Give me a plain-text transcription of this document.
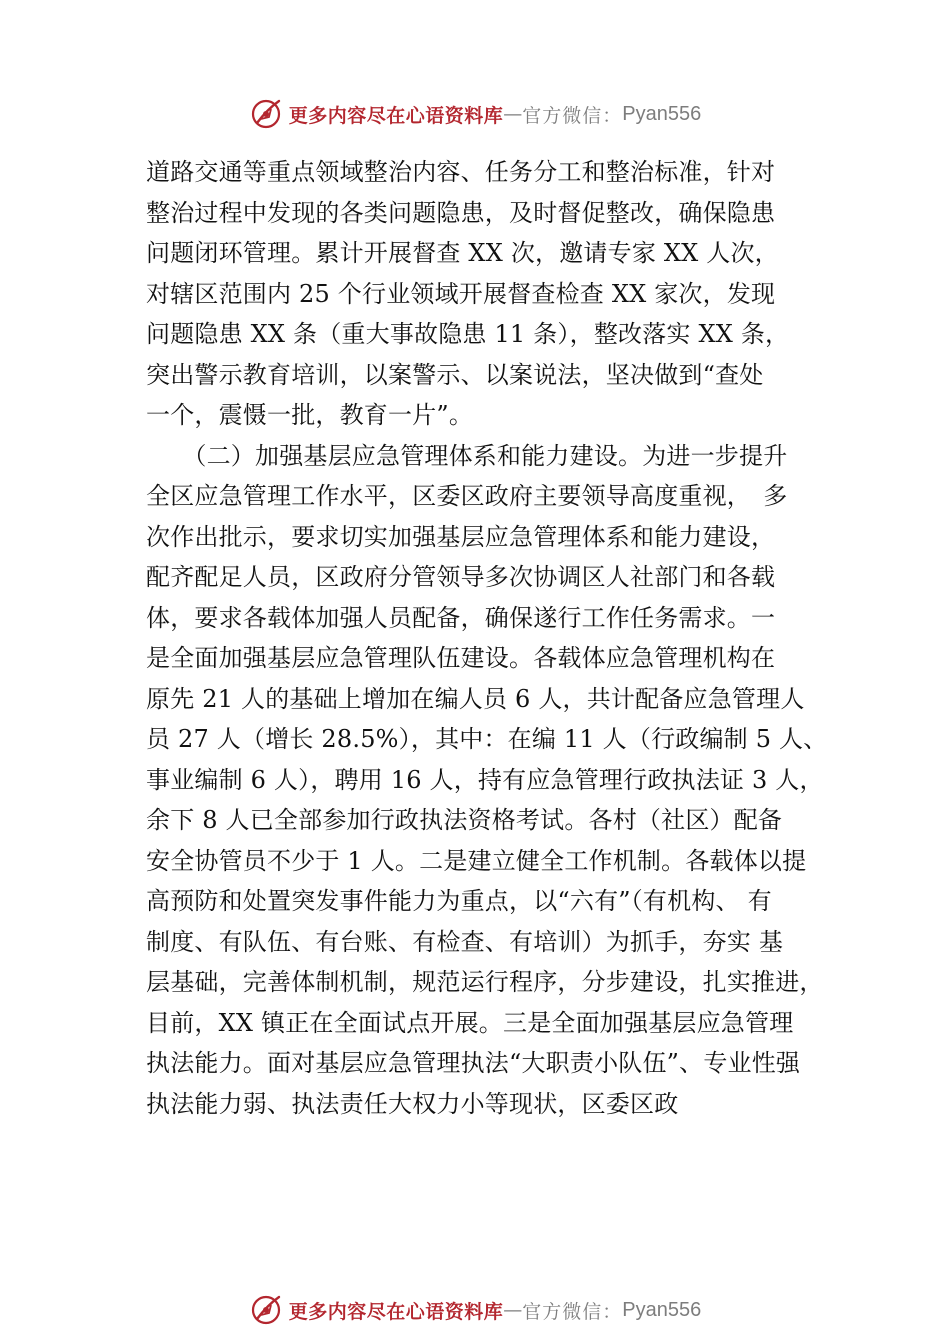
更多内容尽在心语资料库 — 官方微信： Pyan556
道路交通等重点领域整治内容、任务分工和整治标准，针对
整治过程中发现的各类问题隐患，及时督促整改，确保隐患
问题闭环管理。累计开展督查 XX 次，邀请专家 XX 人次，
对辖区范围内 25 个行业领域开展督查检查 XX 家次，发现
问题隐患 XX 条（重大事故隐患 11 条），整改落实 XX 条，
突出警示教育培训，以案警示、以案说法，坚决做到“查处
一个，震慑一批，教育一片”。
　　（二）加强基层应急管理体系和能力建设。为进一步提升
全区应急管理工作水平，区委区政府主要领导高度重视，　多
次作出批示，要求切实加强基层应急管理体系和能力建设，
配齐配足人员，区政府分管领导多次协调区人社部门和各载
体，要求各载体加强人员配备，确保遂行工作任务需求。一
是全面加强基层应急管理队伍建设。各载体应急管理机构在
原先 21 人的基础上增加在编人员 6 人，共计配备应急管理人
员 27 人（增长 28.5%），其中：在编 11 人（行政编制 5 人、
事业编制 6 人），聘用 16 人，持有应急管理行政执法证 3 人，
余下 8 人已全部参加行政执法资格考试。各村（社区）配备
安全协管员不少于 1 人。二是建立健全工作机制。各载体以提
高预防和处置突发事件能力为重点，以“六有”（有机构、 有
制度、有队伍、有台账、有检查、有培训）为抓手，夯实 基
层基础，完善体制机制，规范运行程序，分步建设，扎实推进，
目前，XX 镇正在全面试点开展。三是全面加强基层应急管理
执法能力。面对基层应急管理执法“大职责小队伍”、专业性强
执法能力弱、执法责任大权力小等现状，区委区政
更多内容尽在心语资料库 — 官方微信： Pyan556
